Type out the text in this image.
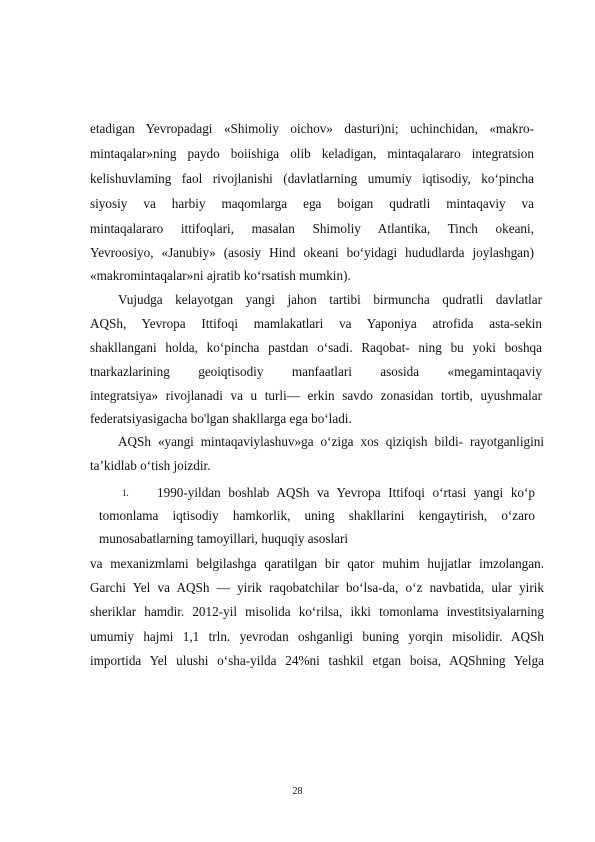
etadigan Yevropadagi «Shimoliy oichov» dasturi)ni; uchinchidan, «makro-
mintaqalar»ning paydo boiishiga olib keladigan, mintaqalararo integratsion
kelishuvlaming faol rivojlanishi (davlatlarning umumiy iqtisodiy, ko‘pincha
siyosiy va harbiy maqomlarga ega boigan qudratli mintaqaviy va
mintaqalararo ittifoqlari, masalan Shimoliy Atlantika, Tinch okeani,
Yevroosiyo, «Janubiy» (asosiy Hind okeani bo‘yidagi hududlarda joylashgan)
«makromintaqalar»ni ajratib ko‘rsatish mumkin).
Vujudga kelayotgan yangi jahon tartibi birmuncha qudratli davlatlar
AQSh, Yevropa Ittifoqi mamlakatlari va Yaponiya atrofida asta-sekin
shakllangani holda, ko‘pincha pastdan o‘sadi. Raqobat- ning bu yoki boshqa
tnarkazlarining geoiqtisodiy manfaatlari asosida «megamintaqaviy
integratsiya» rivojlanadi va u turli— erkin savdo zonasidan tortib, uyushmalar
federatsiyasigacha bo'lgan shakllarga ega bo‘ladi.
AQSh «yangi mintaqaviylashuv»ga o‘ziga xos qiziqish bildi- rayotganligini
ta’kidlab o‘tish joizdir.
1. 1990-yildan boshlab AQSh va Yevropa Ittifoqi o‘rtasi yangi ko‘p
tomonlama iqtisodiy hamkorlik, uning shakllarini kengaytirish, o‘zaro
munosabatlarning tamoyillari, huquqiy asoslari
va mexanizmlami belgilashga qaratilgan bir qator muhim hujjatlar imzolangan.
Garchi Yel va AQSh — yirik raqobatchilar bo‘lsa-da, o‘z navbatida, ular yirik
sheriklar hamdir. 2012-yil misolida ko‘rilsa, ikki tomonlama investitsiyalarning
umumiy hajmi 1,1 trln. yevrodan oshganligi buning yorqin misolidir. AQSh
importida Yel ulushi o‘sha-yilda 24%ni tashkil etgan boisa, AQShning Yelga
28
